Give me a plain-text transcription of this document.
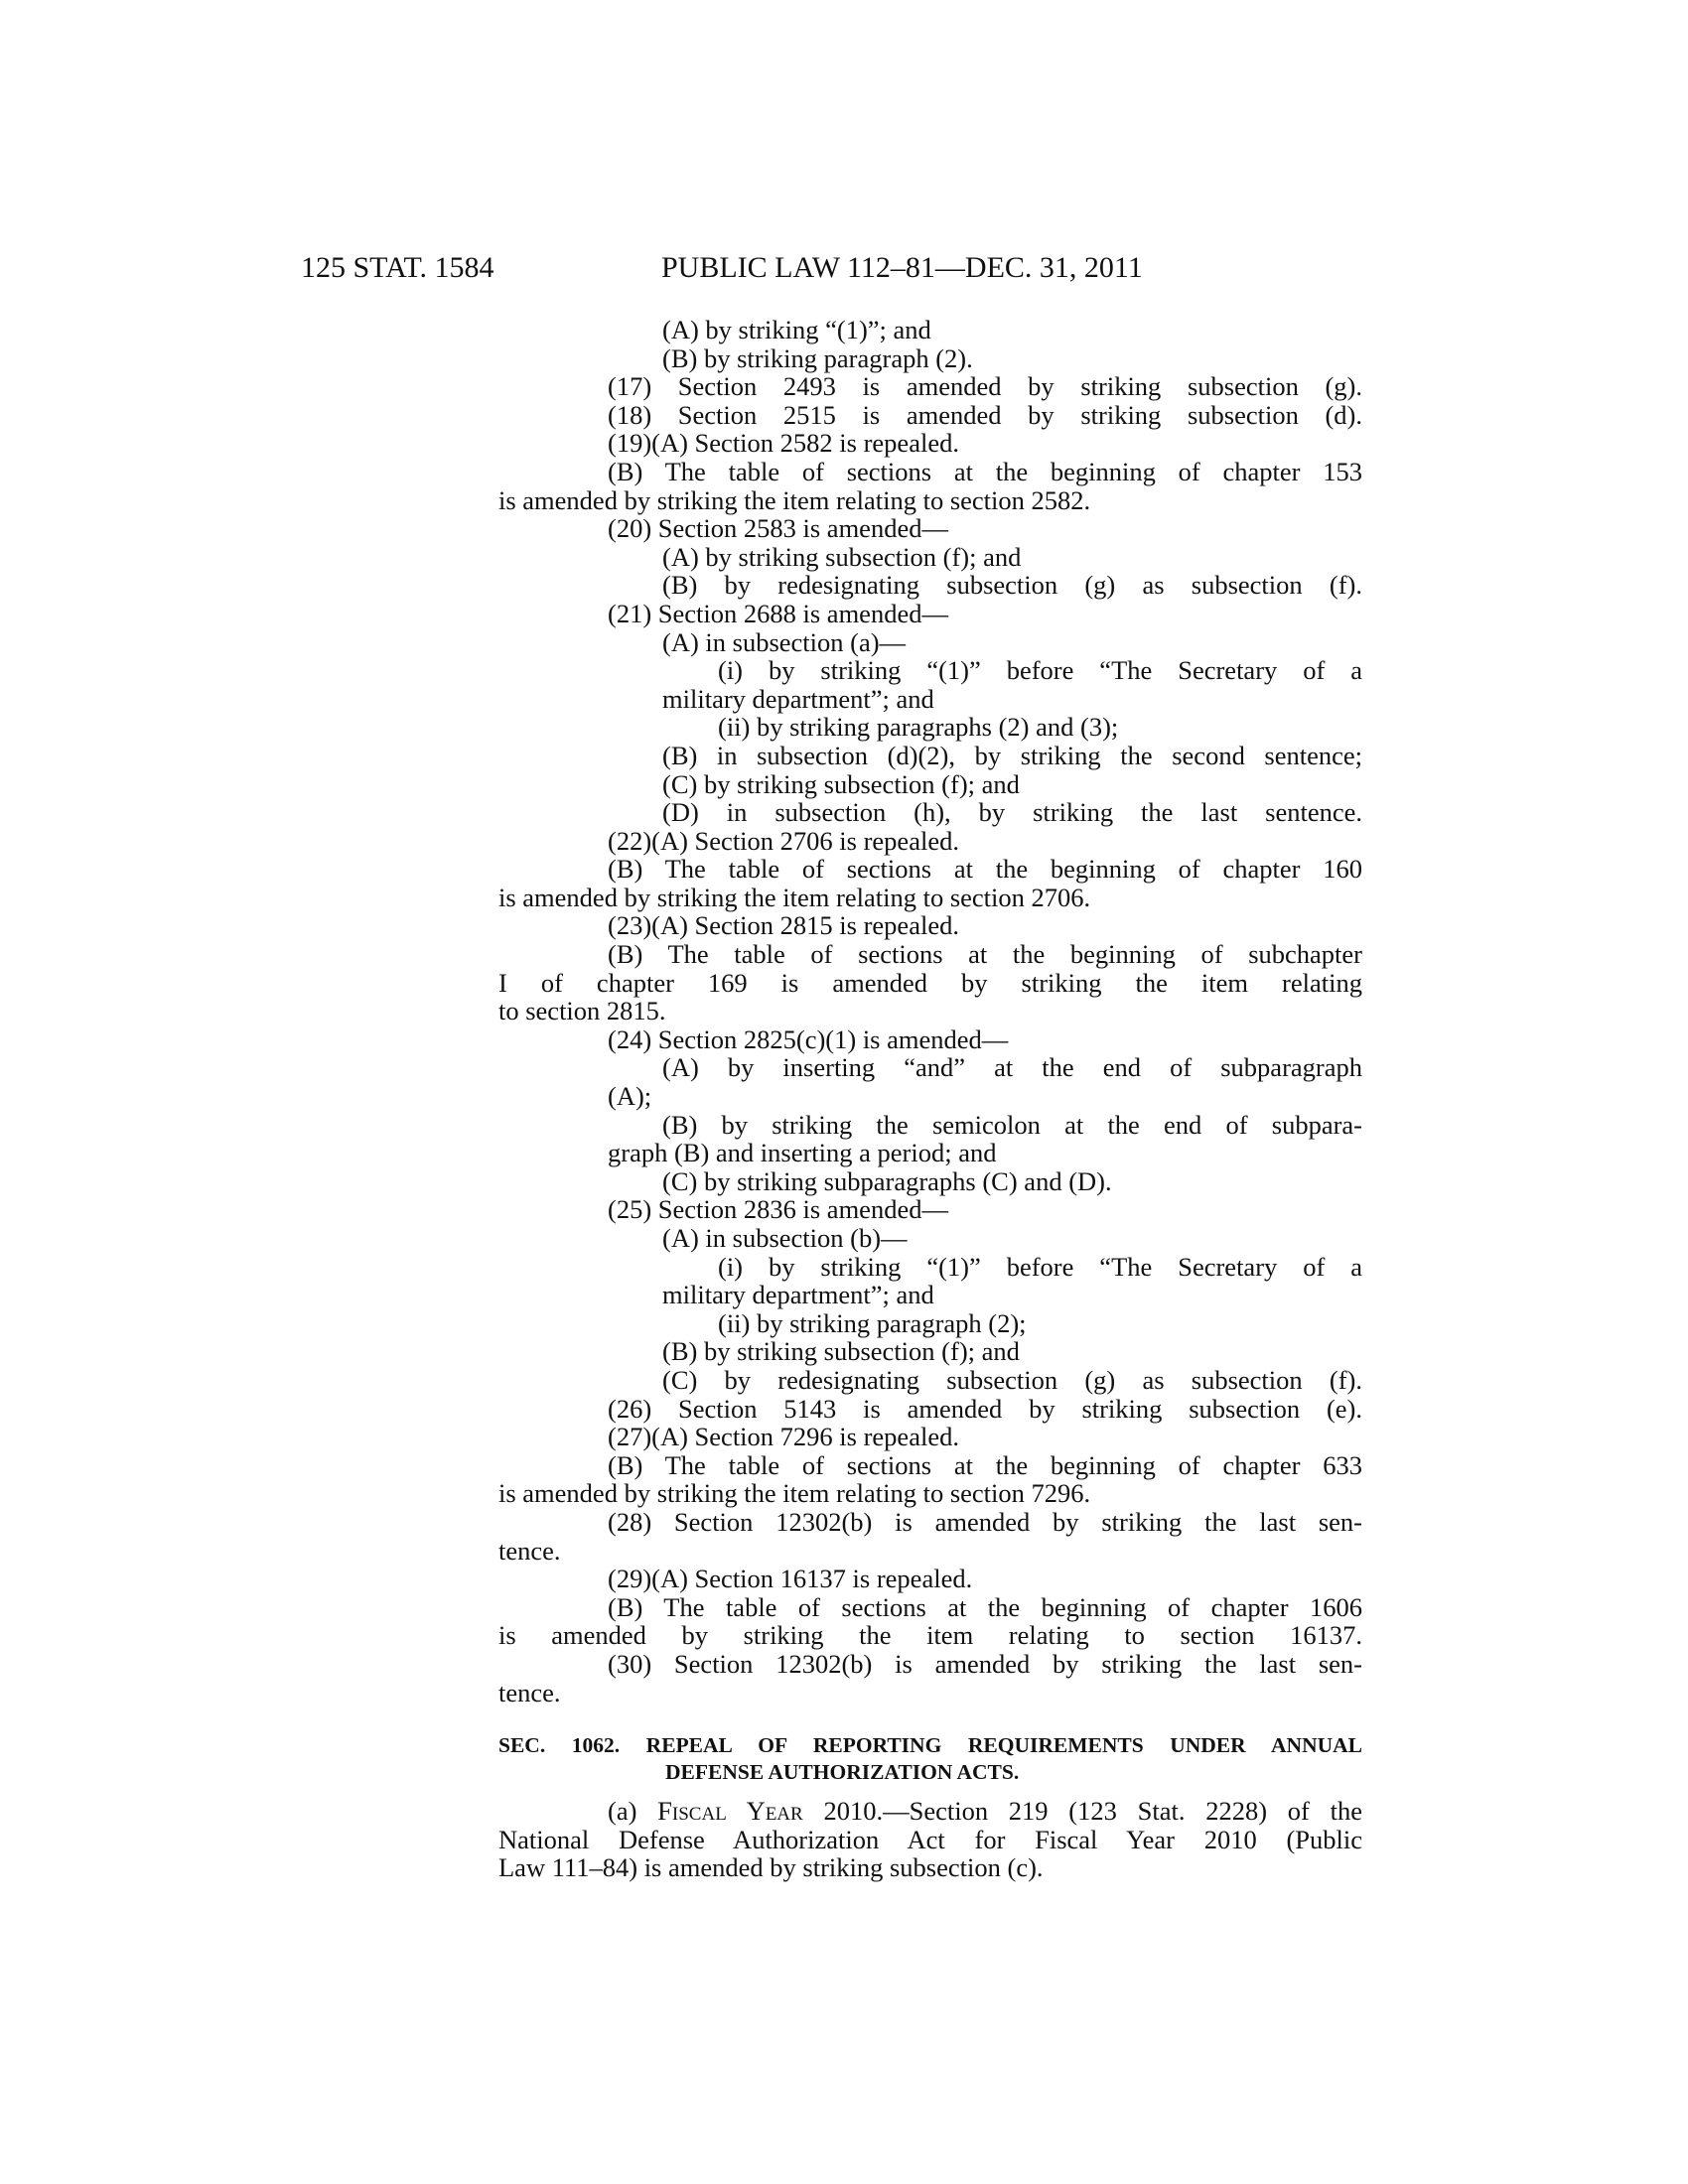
125 STAT. 1584	PUBLIC LAW 112–81—DEC. 31, 2011
(A) by striking “(1)”; and
(B) by striking paragraph (2).
(17) Section 2493 is amended by striking subsection (g).
(18) Section 2515 is amended by striking subsection (d).
(19)(A) Section 2582 is repealed.
(B) The table of sections at the beginning of chapter 153
is amended by striking the item relating to section 2582.
(20) Section 2583 is amended—
(A) by striking subsection (f); and
(B) by redesignating subsection (g) as subsection (f).
(21) Section 2688 is amended—
(A) in subsection (a)—
(i) by striking “(1)” before “The Secretary of a
military department”; and
(ii) by striking paragraphs (2) and (3);
(B) in subsection (d)(2), by striking the second sentence;
(C) by striking subsection (f); and
(D) in subsection (h), by striking the last sentence.
(22)(A) Section 2706 is repealed.
(B) The table of sections at the beginning of chapter 160
is amended by striking the item relating to section 2706.
(23)(A) Section 2815 is repealed.
(B) The table of sections at the beginning of subchapter
I of chapter 169 is amended by striking the item relating
to section 2815.
(24) Section 2825(c)(1) is amended—
(A) by inserting “and” at the end of subparagraph
(A);
(B) by striking the semicolon at the end of subpara-
graph (B) and inserting a period; and
(C) by striking subparagraphs (C) and (D).
(25) Section 2836 is amended—
(A) in subsection (b)—
(i) by striking “(1)” before “The Secretary of a
military department”; and
(ii) by striking paragraph (2);
(B) by striking subsection (f); and
(C) by redesignating subsection (g) as subsection (f).
(26) Section 5143 is amended by striking subsection (e).
(27)(A) Section 7296 is repealed.
(B) The table of sections at the beginning of chapter 633
is amended by striking the item relating to section 7296.
(28) Section 12302(b) is amended by striking the last sen-
tence.
(29)(A) Section 16137 is repealed.
(B) The table of sections at the beginning of chapter 1606
is amended by striking the item relating to section 16137.
(30) Section 12302(b) is amended by striking the last sen-
tence.
SEC. 1062. REPEAL OF REPORTING REQUIREMENTS UNDER ANNUAL
DEFENSE AUTHORIZATION ACTS.
(a) Fiscal Year 2010.—Section 219 (123 Stat. 2228) of the
National Defense Authorization Act for Fiscal Year 2010 (Public
Law 111–84) is amended by striking subsection (c).
